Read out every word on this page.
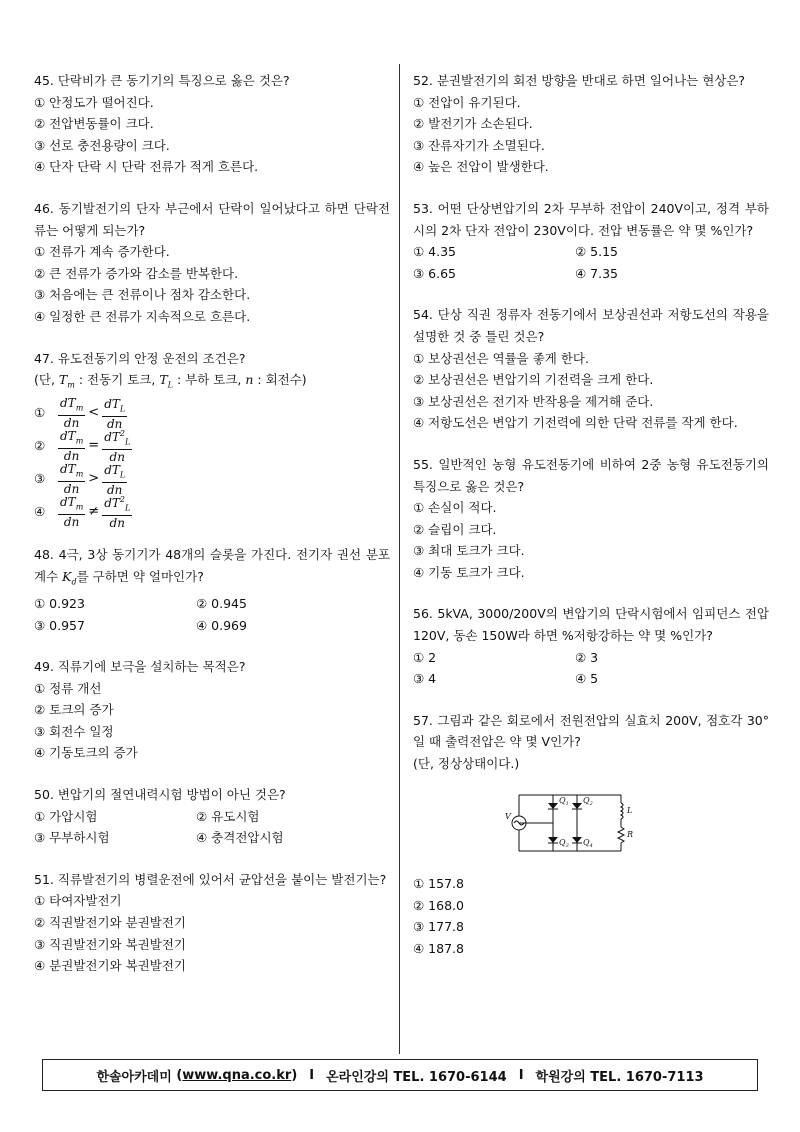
45. 단락비가 큰 동기기의 특징으로 옳은 것은?
① 안정도가 떨어진다.
② 전압변동률이 크다.
③ 선로 충전용량이 크다.
④ 단자 단락 시 단락 전류가 적게 흐른다.
46. 동기발전기의 단자 부근에서 단락이 일어났다고 하면 단락전류는 어떻게 되는가?
① 전류가 계속 증가한다.
② 큰 전류가 증가와 감소를 반복한다.
③ 처음에는 큰 전류이나 점차 감소한다.
④ 일정한 큰 전류가 지속적으로 흐른다.
47. 유도전동기의 안정 운전의 조건은?
(단, $T_m$ : 전동기 토크, $T_L$ : 부하 토크, n : 회전수)
①	$\frac{dT_m}{dn} < \frac{dT_L}{dn}$
②	$\frac{dT_m}{dn} = \frac{dT^2_L}{dn}$
③	$\frac{dT_m}{dn} > \frac{dT_L}{dn}$
④	$\frac{dT_m}{dn} \ne \frac{dT^2_L}{dn}$
48. 4극, 3상 동기기가 48개의 슬롯을 가진다. 전기자 권선 분포 계수 $K_d$를 구하면 약 얼마인가?
① 0.923	② 0.945
③ 0.957	④ 0.969
49. 직류기에 보극을 설치하는 목적은?
① 정류 개선
② 토크의 증가
③ 회전수 일정
④ 기동토크의 증가
50. 변압기의 절연내력시험 방법이 아닌 것은?
① 가압시험	② 유도시험
③ 무부하시험	④ 충격전압시험
51. 직류발전기의 병렬운전에 있어서 균압선을 붙이는 발전기는?
① 타여자발전기
② 직권발전기와 분권발전기
③ 직권발전기와 복권발전기
④ 분권발전기와 복권발전기
52. 분권발전기의 회전 방향을 반대로 하면 일어나는 현상은?
① 전압이 유기된다.
② 발전기가 소손된다.
③ 잔류자기가 소멸된다.
④ 높은 전압이 발생한다.
53. 어떤 단상변압기의 2차 무부하 전압이 240V이고, 정격 부하시의 2차 단자 전압이 230V이다. 전압 변동률은 약 몇 %인가?
① 4.35	② 5.15
③ 6.65	④ 7.35
54. 단상 직권 정류자 전동기에서 보상권선과 저항도선의 작용을 설명한 것 중 틀린 것은?
① 보상권선은 역률을 좋게 한다.
② 보상권선은 변압기의 기전력을 크게 한다.
③ 보상권선은 전기자 반작용을 제거해 준다.
④ 저항도선은 변압기 기전력에 의한 단락 전류를 작게 한다.
55. 일반적인 농형 유도전동기에 비하여 2중 농형 유도전동기의 특징으로 옳은 것은?
① 손실이 적다.
② 슬립이 크다.
③ 최대 토크가 크다.
④ 기동 토크가 크다.
56. 5kVA, 3000/200V의 변압기의 단락시험에서 임피던스 전압 120V, 동손 150W라 하면 %저항강하는 약 몇 %인가?
① 2	② 3
③ 4	④ 5
57. 그림과 같은 회로에서 전원전압의 실효치 200V, 점호각 30°일 때 출력전압은 약 몇 V인가?
(단, 정상상태이다.)
$Q_1$ $Q_2$
$Q_3$ $Q_4$
V
L
R
① 157.8
② 168.0
③ 177.8
④ 187.8
한솔아카데미 ( www.qna.co.kr ) I 온라인강의 TEL. 1670-6144 I 학원강의 TEL. 1670-7113
